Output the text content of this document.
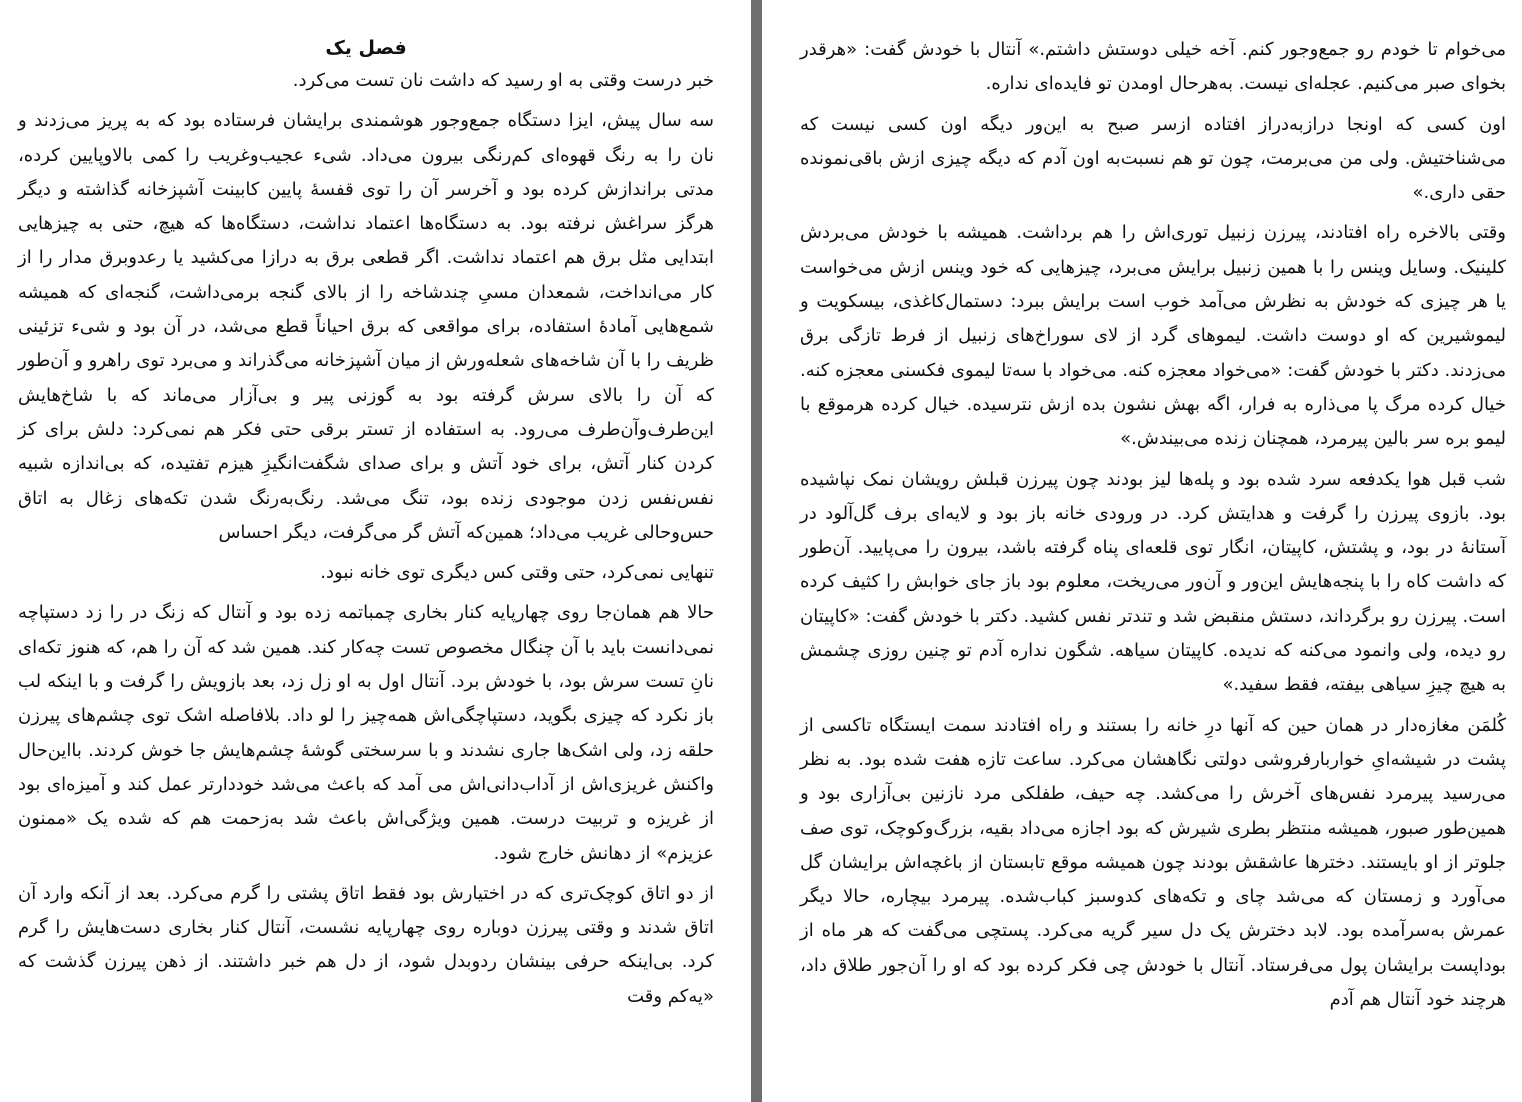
فصل یک

خبر درست وقتی به او رسید که داشت نان تست می‌کرد.

سه سال پیش، ایزا دستگاه جمع‌وجور هوشمندی برایشان فرستاده بود که به پریز می‌زدند و نان را به رنگ قهوه‌ای کم‌رنگی بیرون می‌داد. شیء عجیب‌وغریب را کمی بالاوپایین کرده، مدتی براندازش کرده بود و آخرسر آن را توی قفسهٔ پایین کابینت آشپزخانه گذاشته و دیگر هرگز سراغش نرفته بود. به دستگاه‌ها اعتماد نداشت، دستگاه‌ها که هیچ، حتی به چیزهایی ابتدایی مثل برق هم اعتماد نداشت. اگر قطعی برق به درازا می‌کشید یا رعدوبرق مدار را از کار می‌انداخت، شمعدان مسیِ چندشاخه را از بالای گنجه برمی‌داشت، گنجه‌ای که همیشه شمع‌هایی آمادهٔ استفاده، برای مواقعی که برق احیاناً قطع می‌شد، در آن بود و شیء تزئینی ظریف را با آن شاخه‌های شعله‌ورش از میان آشپزخانه می‌گذراند و می‌برد توی راهرو و آن‌طور که آن را بالای سرش گرفته بود به گوزنی پیر و بی‌آزار می‌ماند که با شاخ‌هایش این‌طرف‌وآن‌طرف می‌رود. به استفاده از تستر برقی حتی فکر هم نمی‌کرد: دلش برای کز کردن کنار آتش، برای خود آتش و برای صدای شگفت‌انگیزِ هیزم تفتیده، که بی‌اندازه شبیه نفس‌نفس زدن موجودی زنده بود، تنگ می‌شد. رنگ‌به‌رنگ شدن تکه‌های زغال به اتاق حس‌وحالی غریب می‌داد؛ همین‌که آتش گر می‌گرفت، دیگر احساس

تنهایی نمی‌کرد، حتی وقتی کس دیگری توی خانه نبود.

حالا هم همان‌جا روی چهارپایه کنار بخاری چمباتمه زده بود و آنتال که زنگ در را زد دستپاچه نمی‌دانست باید با آن چنگال مخصوص تست چه‌کار کند. همین شد که آن را هم، که هنوز تکه‌ای نانِ تست سرش بود، با خودش برد. آنتال اول به او زل زد، بعد بازویش را گرفت و با اینکه لب باز نکرد که چیزی بگوید، دستپاچگی‌اش همه‌چیز را لو داد. بلافاصله اشک توی چشم‌های پیرزن حلقه زد، ولی اشک‌ها جاری نشدند و با سرسختی گوشهٔ چشم‌هایش جا خوش کردند. بااین‌حال واکنش غریزی‌اش از آداب‌دانی‌اش می آمد که باعث می‌شد خوددارتر عمل کند و آمیزه‌ای بود از غریزه و تربیت درست. همین ویژگی‌اش باعث شد به‌زحمت هم که شده یک «ممنون عزیزم» از دهانش خارج شود.

از دو اتاق کوچک‌تری که در اختیارش بود فقط اتاق پشتی را گرم می‌کرد. بعد از آنکه وارد آن اتاق شدند و وقتی پیرزن دوباره روی چهارپایه نشست، آنتال کنار بخاری دست‌هایش را گرم کرد. بی‌اینکه حرفی بینشان ردوبدل شود، از دل هم خبر داشتند. از ذهن پیرزن گذشت که «یه‌کم وقت

می‌خوام تا خودم رو جمع‌وجور کنم. آخه خیلی دوستش داشتم.» آنتال با خودش گفت: «هرقدر بخوای صبر می‌کنیم. عجله‌ای نیست. به‌هرحال اومدن تو فایده‌ای نداره.

اون کسی که اونجا درازبه‌دراز افتاده ازسر صبح به این‌ور دیگه اون کسی نیست که می‌شناختیش. ولی من می‌برمت، چون تو هم نسبت‌به اون آدم که دیگه چیزی ازش باقی‌نمونده حقی داری.»

وقتی بالاخره راه افتادند، پیرزن زنبیل توری‌اش را هم برداشت. همیشه با خودش می‌بردش کلینیک. وسایل وینس را با همین زنبیل برایش می‌برد، چیزهایی که خود وینس ازش می‌خواست یا هر چیزی که خودش به نظرش می‌آمد خوب است برایش ببرد: دستمال‌کاغذی، بیسکویت و لیموشیرین که او دوست داشت. لیموهای گرد از لای سوراخ‌های زنبیل از فرط تازگی برق می‌زدند. دکتر با خودش گفت: «می‌خواد معجزه کنه. می‌خواد با سه‌تا لیموی فکسنی معجزه کنه. خیال کرده مرگ پا می‌ذاره به فرار، اگه بهش نشون بده ازش نترسیده. خیال کرده هرموقع با لیمو بره سر بالین پیرمرد، همچنان زنده می‌بیندش.»

شب قبل هوا یکدفعه سرد شده بود و پله‌ها لیز بودند چون پیرزن قبلش رویشان نمک نپاشیده بود. بازوی پیرزن را گرفت و هدایتش کرد. در ورودی خانه باز بود و لایه‌ای برف گل‌آلود در آستانهٔ در بود، و پشتش، کاپیتان، انگار توی قلعه‌ای پناه گرفته باشد، بیرون را می‌پایید. آن‌طور که داشت کاه را با پنجه‌هایش این‌ور و آن‌ور می‌ریخت، معلوم بود باز جای خوابش را کثیف کرده است. پیرزن رو برگرداند، دستش منقبض شد و تندتر نفس کشید. دکتر با خودش گفت: «کاپیتان رو دیده، ولی وانمود می‌کنه که ندیده. کاپیتان سیاهه. شگون نداره آدم تو چنین روزی چشمش به هیچ چیزِ سیاهی بیفته، فقط سفید.»

کُلمَن مغازه‌دار در همان حین که آنها درِ خانه را بستند و راه افتادند سمت ایستگاه تاکسی از پشت در شیشه‌ایِ خواربارفروشی دولتی نگاهشان می‌کرد. ساعت تازه هفت شده بود. به نظر می‌رسید پیرمرد نفس‌های آخرش را می‌کشد. چه حیف، طفلکی مرد نازنین بی‌آزاری بود و همین‌طور صبور، همیشه منتظر بطری شیرش که بود اجازه می‌داد بقیه، بزرگ‌وکوچک، توی صف جلوتر از او بایستند. دخترها عاشقش بودند چون همیشه موقع تابستان از باغچه‌اش برایشان گل می‌آورد و زمستان که می‌شد چای و تکه‌های کدوسبز کباب‌شده. پیرمرد بیچاره، حالا دیگر عمرش به‌سرآمده بود. لابد دخترش یک دل سیر گریه می‌کرد. پستچی می‌گفت که هر ماه از بوداپست برایشان پول می‌فرستاد. آنتال با خودش چی فکر کرده بود که او را آن‌جور طلاق داد، هرچند خود آنتال هم آدم
